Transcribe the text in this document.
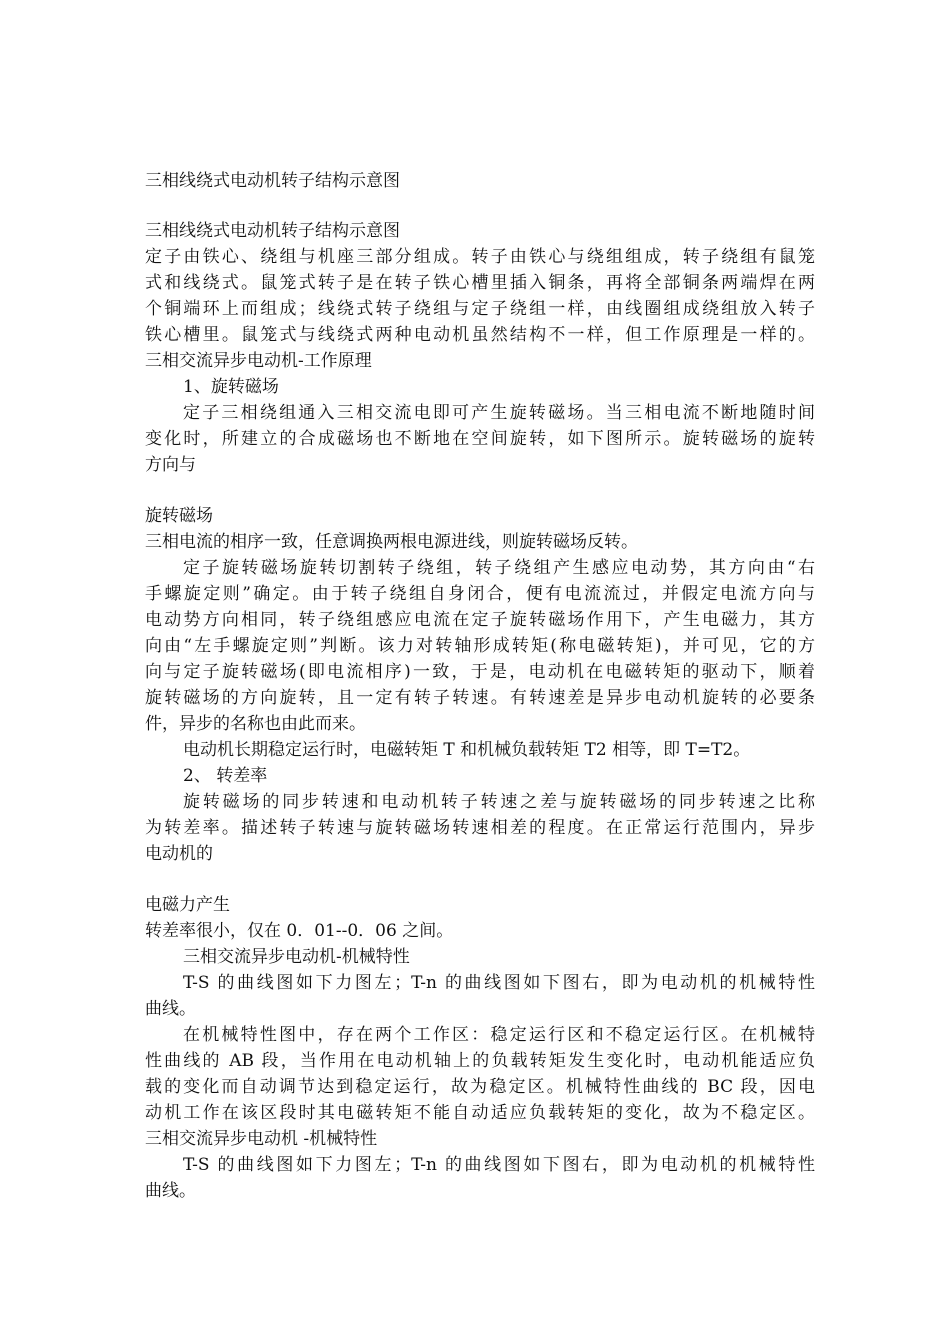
三相线绕式电动机转子结构示意图
三相线绕式电动机转子结构示意图
定子由铁心、绕组与机座三部分组成。转子由铁心与绕组组成，转子绕组有鼠笼
式和线绕式。鼠笼式转子是在转子铁心槽里插入铜条，再将全部铜条两端焊在两
个铜端环上而组成；线绕式转子绕组与定子绕组一样，由线圈组成绕组放入转子
铁心槽里。鼠笼式与线绕式两种电动机虽然结构不一样，但工作原理是一样的。
三相交流异步电动机-工作原理
1、旋转磁场
定子三相绕组通入三相交流电即可产生旋转磁场。当三相电流不断地随时间
变化时，所建立的合成磁场也不断地在空间旋转，如下图所示。旋转磁场的旋转
方向与
旋转磁场
三相电流的相序一致，任意调换两根电源进线，则旋转磁场反转。
定子旋转磁场旋转切割转子绕组，转子绕组产生感应电动势，其方向由“右
手螺旋定则”确定。由于转子绕组自身闭合，便有电流流过，并假定电流方向与
电动势方向相同，转子绕组感应电流在定子旋转磁场作用下，产生电磁力，其方
向由“左手螺旋定则”判断。该力对转轴形成转矩(称电磁转矩)，并可见，它的方
向与定子旋转磁场(即电流相序)一致，于是，电动机在电磁转矩的驱动下，顺着
旋转磁场的方向旋转，且一定有转子转速。有转速差是异步电动机旋转的必要条
件，异步的名称也由此而来。
电动机长期稳定运行时，电磁转矩 T 和机械负载转矩 T2 相等，即 T=T2。
2、 转差率
旋转磁场的同步转速和电动机转子转速之差与旋转磁场的同步转速之比称
为转差率。描述转子转速与旋转磁场转速相差的程度。在正常运行范围内，异步
电动机的
电磁力产生
转差率很小，仅在 0．01--0．06 之间。
三相交流异步电动机-机械特性
T-S 的曲线图如下力图左；T-n 的曲线图如下图右，即为电动机的机械特性
曲线。
在机械特性图中，存在两个工作区：稳定运行区和不稳定运行区。在机械特
性曲线的 AB 段，当作用在电动机轴上的负载转矩发生变化时，电动机能适应负
载的变化而自动调节达到稳定运行，故为稳定区。机械特性曲线的 BC 段，因电
动机工作在该区段时其电磁转矩不能自动适应负载转矩的变化，故为不稳定区。
三相交流异步电动机 -机械特性
T-S 的曲线图如下力图左；T-n 的曲线图如下图右，即为电动机的机械特性
曲线。
